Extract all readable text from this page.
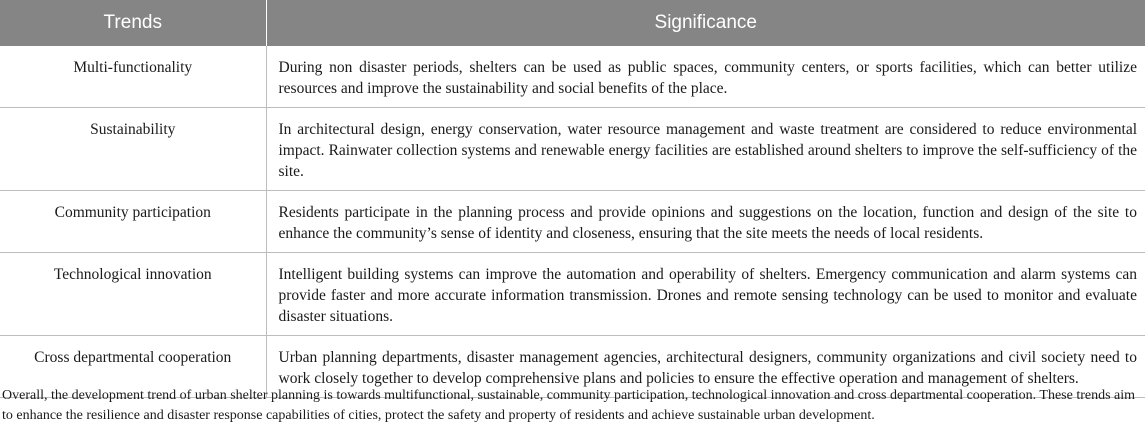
Trends	Significance
Multi-functionality	During non disaster periods, shelters can be used as public spaces, community centers, or sports facilities, which can better utilize resources and improve the sustainability and social benefits of the place.
Sustainability	In architectural design, energy conservation, water resource management and waste treatment are considered to reduce environmental impact. Rainwater collection systems and renewable energy facilities are established around shelters to improve the self-sufficiency of the site.
Community participation	Residents participate in the planning process and provide opinions and suggestions on the location, function and design of the site to enhance the community’s sense of identity and closeness, ensuring that the site meets the needs of local residents.
Technological innovation	Intelligent building systems can improve the automation and operability of shelters. Emergency communication and alarm systems can provide faster and more accurate information transmission. Drones and remote sensing technology can be used to monitor and evaluate disaster situations.
Cross departmental cooperation	Urban planning departments, disaster management agencies, architectural designers, community organizations and civil society need to work closely together to develop comprehensive plans and policies to ensure the effective operation and management of shelters.
Overall, the development trend of urban shelter planning is towards multifunctional, sustainable, community participation, technological innovation and cross departmental cooperation. These trends aim to enhance the resilience and disaster response capabilities of cities, protect the safety and property of residents and achieve sustainable urban development.
